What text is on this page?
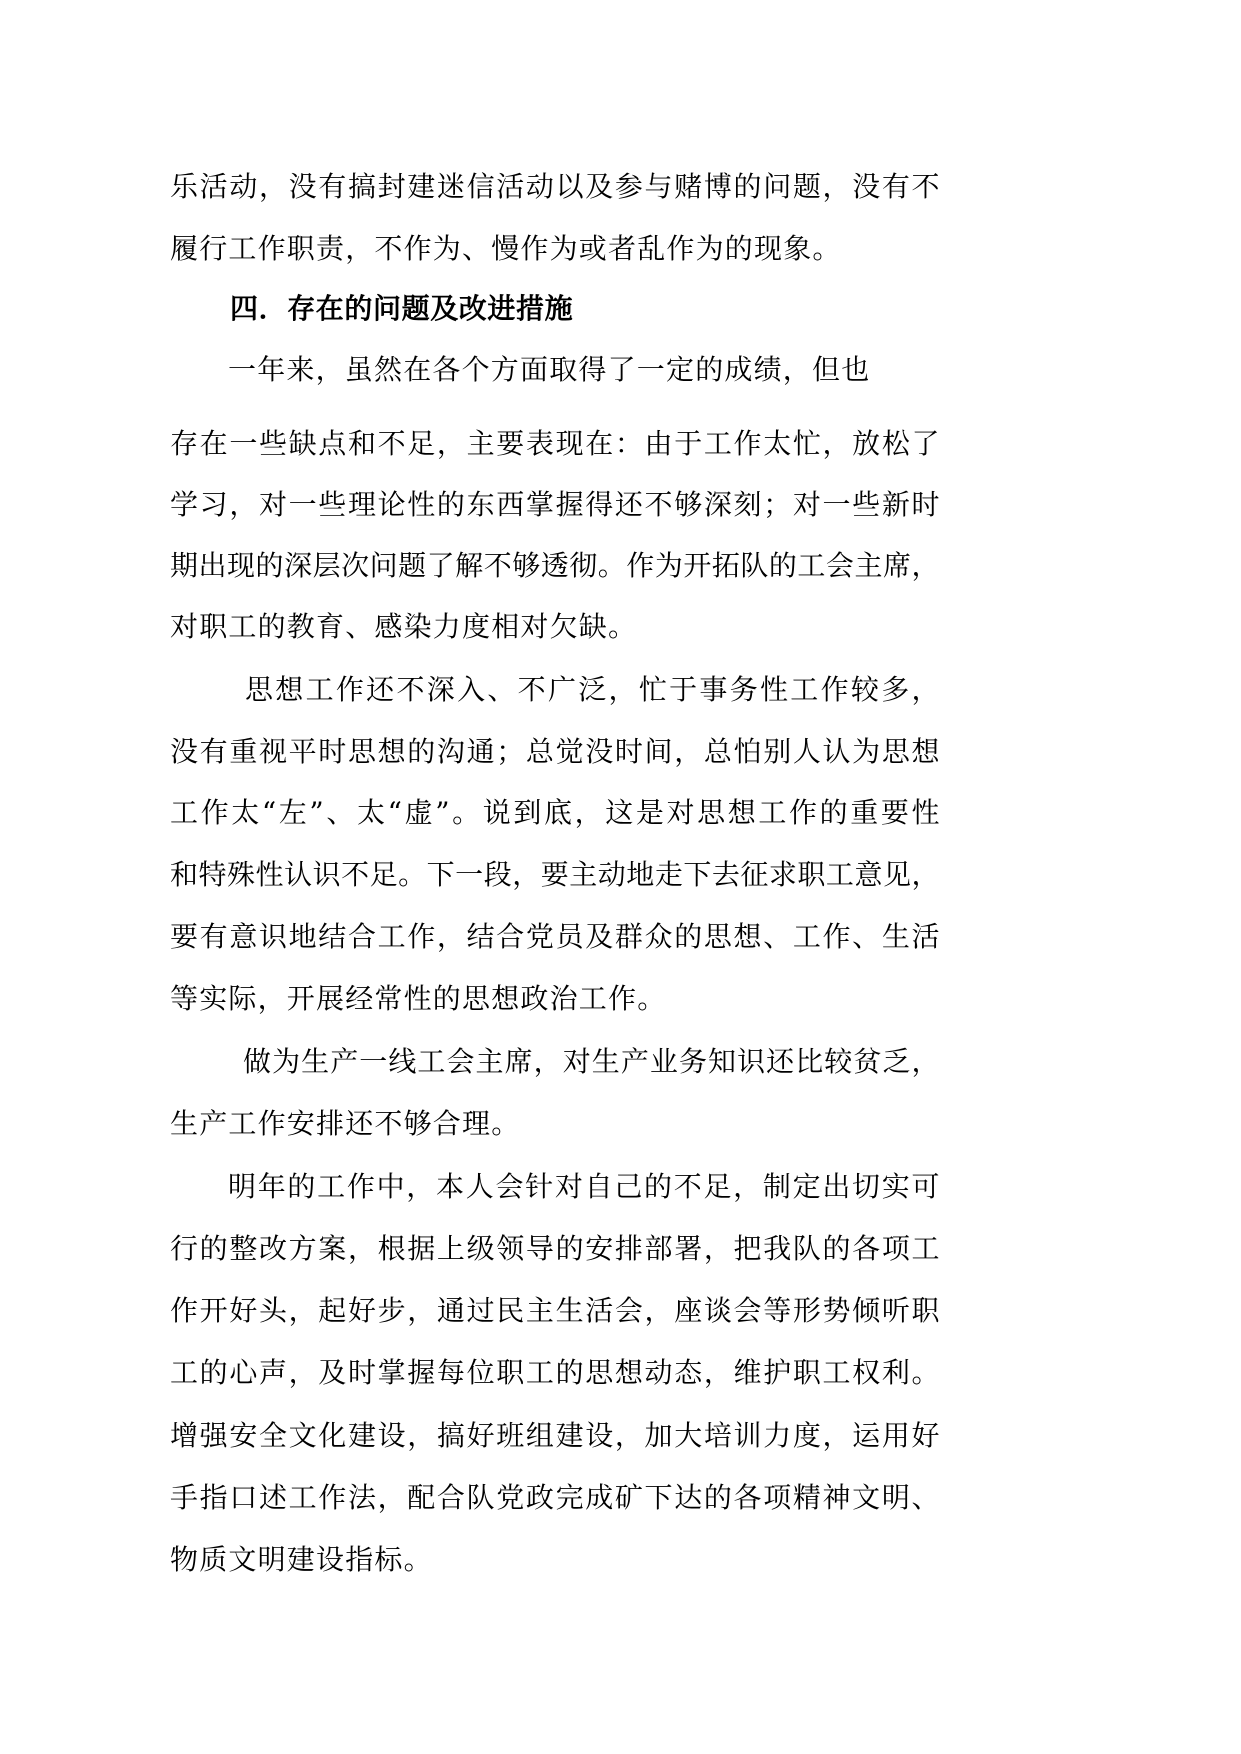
乐活动，没有搞封建迷信活动以及参与赌博的问题，没有不
履行工作职责，不作为、慢作为或者乱作为的现象。
四．存在的问题及改进措施
一年来，虽然在各个方面取得了一定的成绩，但也
存在一些缺点和不足，主要表现在：由于工作太忙，放松了
学习，对一些理论性的东西掌握得还不够深刻；对一些新时
期出现的深层次问题了解不够透彻。作为开拓队的工会主席，
对职工的教育、感染力度相对欠缺。
思想工作还不深入、不广泛，忙于事务性工作较多，
没有重视平时思想的沟通；总觉没时间，总怕别人认为思想
工作太“左”、太“虚”。说到底，这是对思想工作的重要性
和特殊性认识不足。下一段，要主动地走下去征求职工意见，
要有意识地结合工作，结合党员及群众的思想、工作、生活
等实际，开展经常性的思想政治工作。
做为生产一线工会主席，对生产业务知识还比较贫乏，
生产工作安排还不够合理。
明年的工作中，本人会针对自己的不足，制定出切实可
行的整改方案，根据上级领导的安排部署，把我队的各项工
作开好头，起好步，通过民主生活会，座谈会等形势倾听职
工的心声，及时掌握每位职工的思想动态，维护职工权利。
增强安全文化建设，搞好班组建设，加大培训力度，运用好
手指口述工作法，配合队党政完成矿下达的各项精神文明、
物质文明建设指标。
